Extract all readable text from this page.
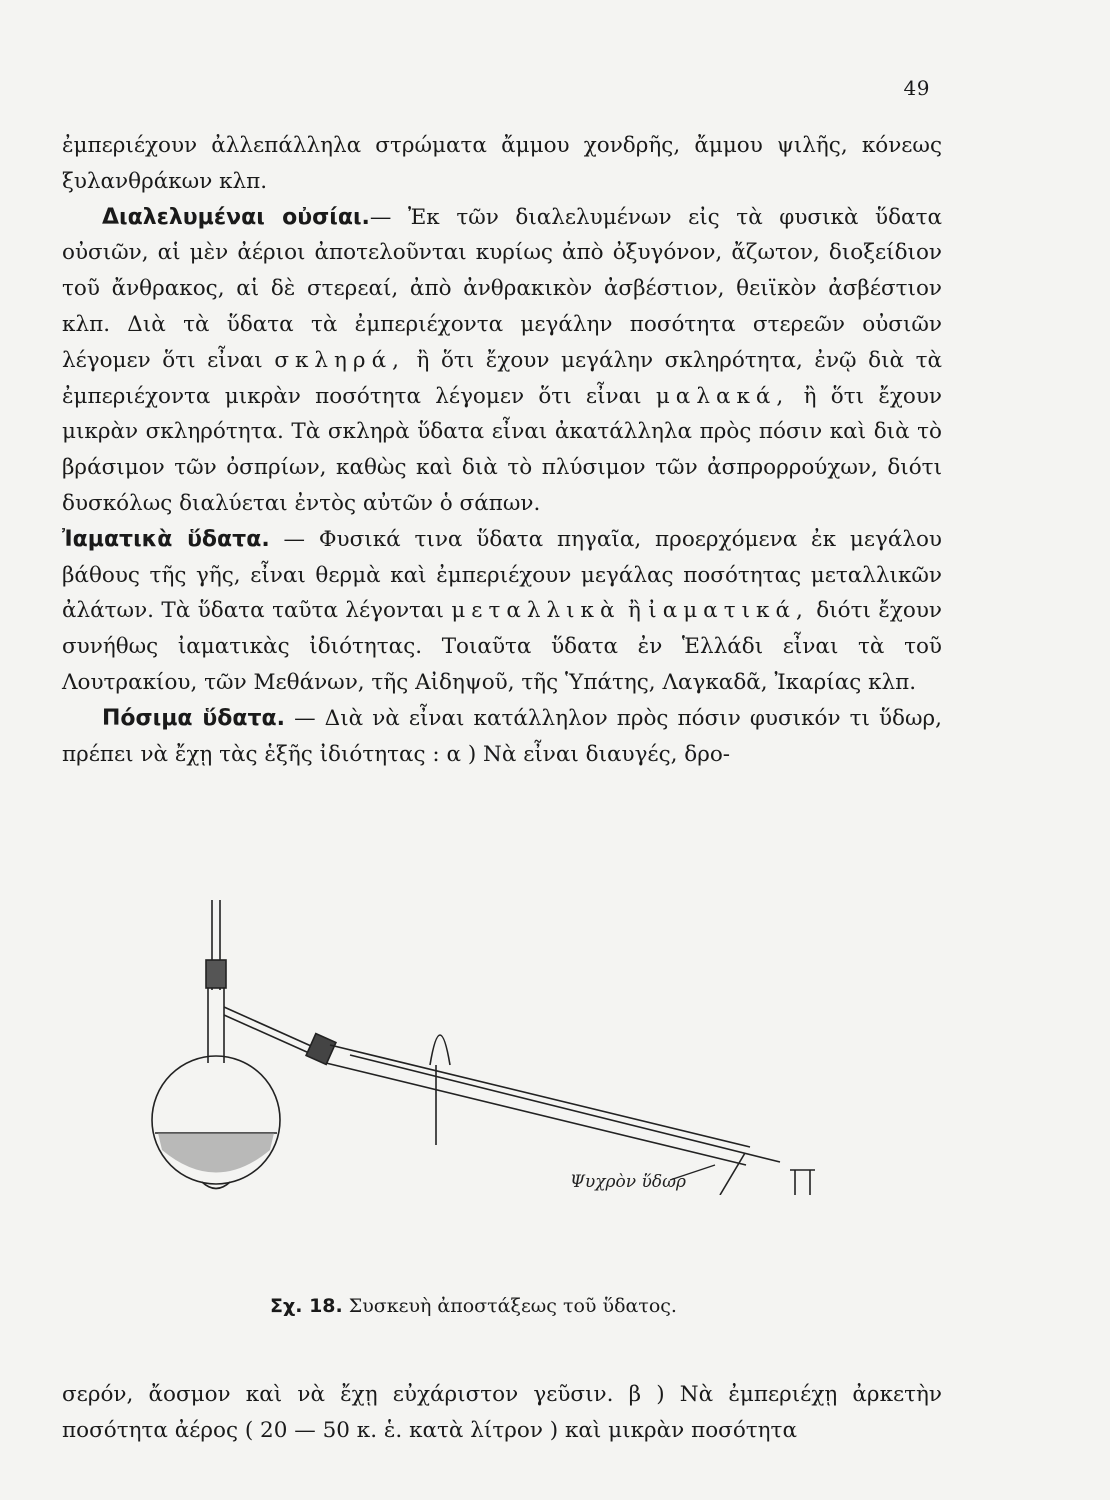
49

ἐμπεριέχουν ἀλλεπάλληλα στρώματα ἄμμου χονδρῆς, ἄμμου ψιλῆς, κόνεως ξυλανθράκων κλπ.

Διαλελυμέναι οὐσίαι.— Ἐκ τῶν διαλελυμένων εἰς τὰ φυσικὰ ὕδατα οὐσιῶν, αἱ μὲν ἀέριοι ἀποτελοῦνται κυρίως ἀπὸ ὀξυγόνον, ἄζωτον, διοξείδιον τοῦ ἄνθρακος, αἱ δὲ στερεαί, ἀπὸ ἀνθρακικὸν ἀσβέστιον, θειϊκὸν ἀσβέστιον κλπ. Διὰ τὰ ὕδατα τὰ ἐμπεριέχοντα μεγάλην ποσότητα στερεῶν οὐσιῶν λέγομεν ὅτι εἶναι σκληρά, ἢ ὅτι ἔχουν μεγάλην σκληρότητα, ἐνῷ διὰ τὰ ἐμπεριέχοντα μικρὰν ποσότητα λέγομεν ὅτι εἶναι μαλακά, ἢ ὅτι ἔχουν μικρὰν σκληρότητα. Τὰ σκληρὰ ὕδατα εἶναι ἀκατάλληλα πρὸς πόσιν καὶ διὰ τὸ βράσιμον τῶν ὀσπρίων, καθὼς καὶ διὰ τὸ πλύσιμον τῶν ἀσπρορρούχων, διότι δυσκόλως διαλύεται ἐντὸς αὐτῶν ὁ σάπων.

Ἰαματικὰ ὕδατα. — Φυσικά τινα ὕδατα πηγαῖα, προερχόμενα ἐκ μεγάλου βάθους τῆς γῆς, εἶναι θερμὰ καὶ ἐμπεριέχουν μεγάλας ποσότητας μεταλλικῶν ἀλάτων. Τὰ ὕδατα ταῦτα λέγονται μεταλλικὰ ἢ ἰαματικά, διότι ἔχουν συνήθως ἰαματικὰς ἰδιότητας. Τοιαῦτα ὕδατα ἐν Ἑλλάδι εἶναι τὰ τοῦ Λουτρακίου, τῶν Μεθάνων, τῆς Αἰδηψοῦ, τῆς Ὑπάτης, Λαγκαδᾶ, Ἰκαρίας κλπ.

Πόσιμα ὕδατα. — Διὰ νὰ εἶναι κατάλληλον πρὸς πόσιν φυσικόν τι ὕδωρ, πρέπει νὰ ἔχῃ τὰς ἑξῆς ἰδιότητας : α ) Νὰ εἶναι διαυγές, δρο-

Ψυχρὸν ὕδωρ
Σχ. 18. Συσκευὴ ἀποστάξεως τοῦ ὕδατος.

σερόν, ἄοσμον καὶ νὰ ἔχῃ εὐχάριστον γεῦσιν. β ) Νὰ ἐμπεριέχῃ ἀρκετὴν ποσότητα ἀέρος ( 20 — 50 κ. ἑ. κατὰ λίτρον ) καὶ μικρὰν ποσότητα
